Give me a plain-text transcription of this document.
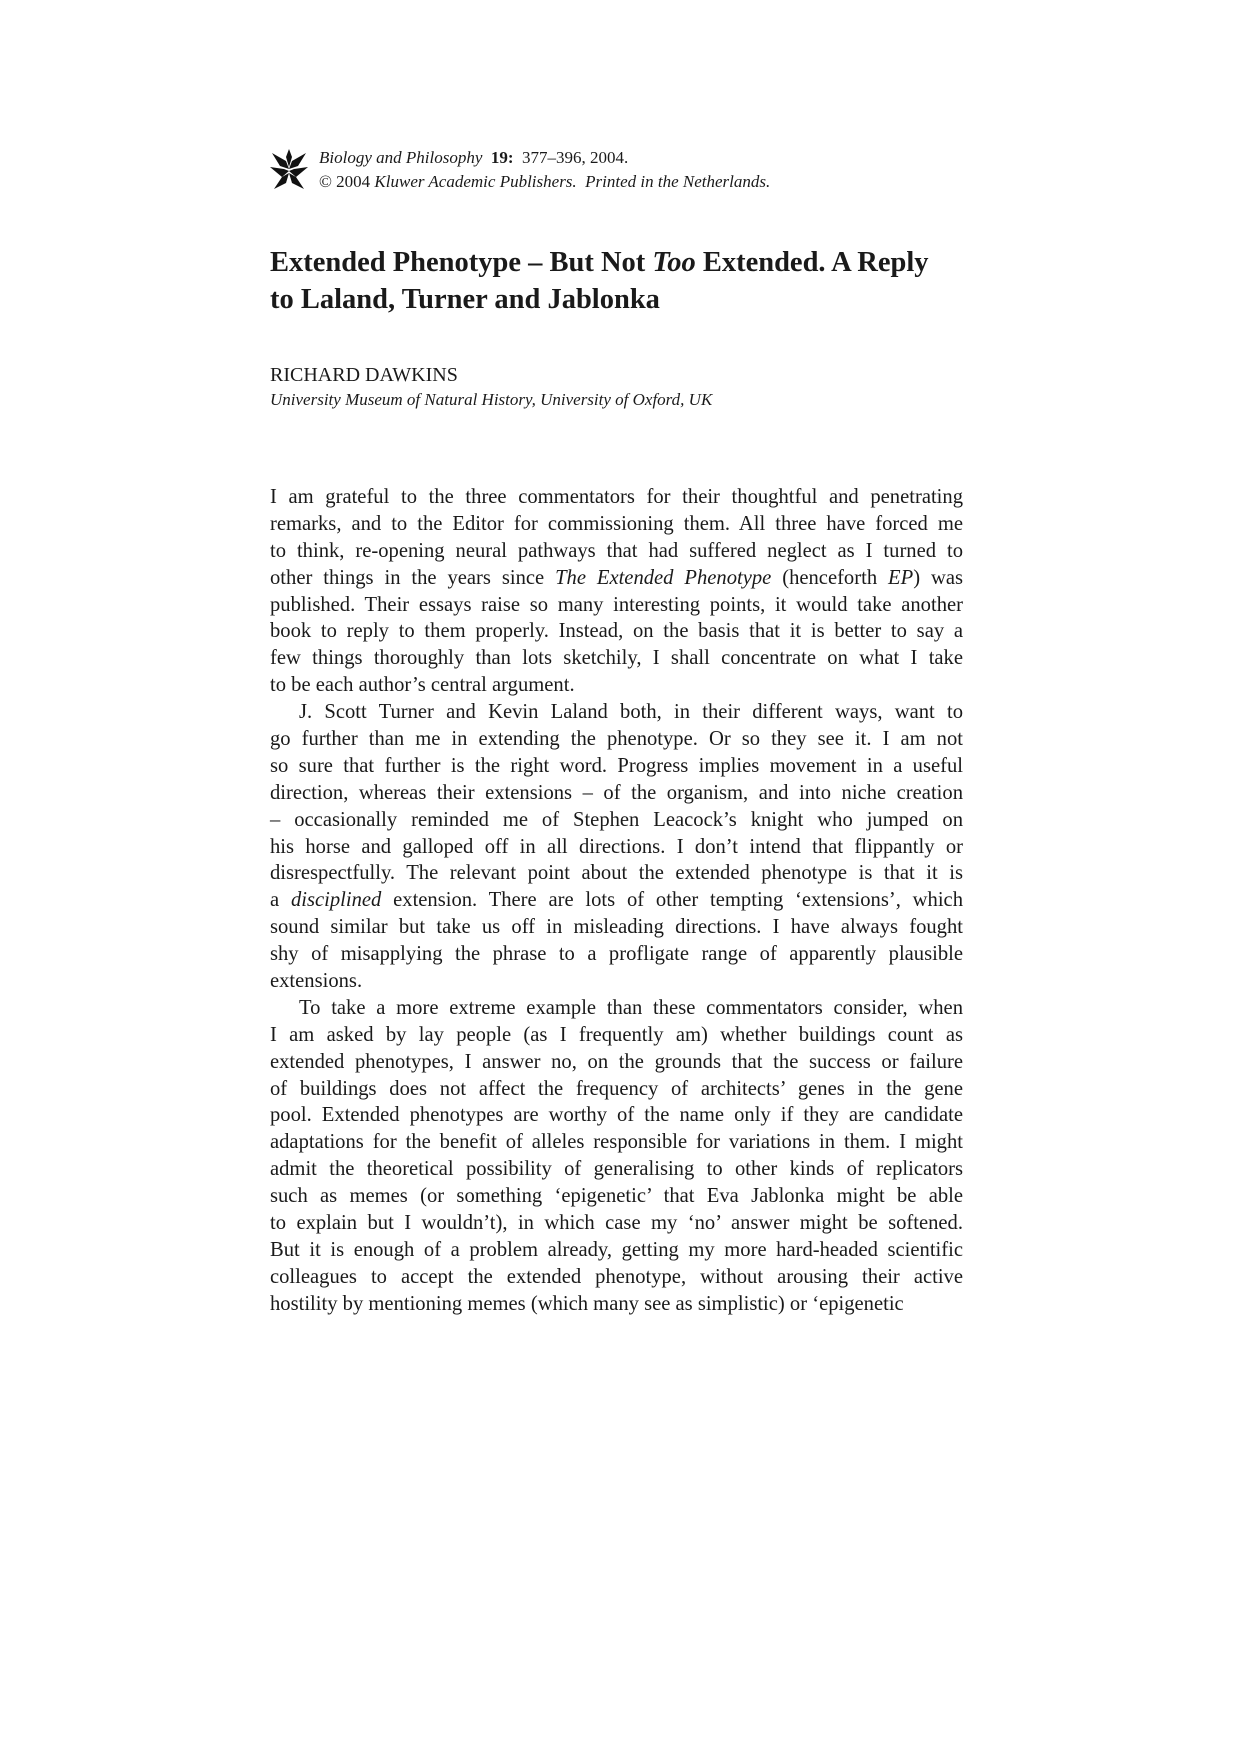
Biology and Philosophy 19: 377–396, 2004.
© 2004 Kluwer Academic Publishers. Printed in the Netherlands.
Extended Phenotype – But Not Too Extended. A Reply
to Laland, Turner and Jablonka
RICHARD DAWKINS
University Museum of Natural History, University of Oxford, UK
I am grateful to the three commentators for their thoughtful and penetrating
remarks, and to the Editor for commissioning them. All three have forced me
to think, re-opening neural pathways that had suffered neglect as I turned to
other things in the years since The Extended Phenotype (henceforth EP) was
published. Their essays raise so many interesting points, it would take another
book to reply to them properly. Instead, on the basis that it is better to say a
few things thoroughly than lots sketchily, I shall concentrate on what I take
to be each author’s central argument.
J. Scott Turner and Kevin Laland both, in their different ways, want to
go further than me in extending the phenotype. Or so they see it. I am not
so sure that further is the right word. Progress implies movement in a useful
direction, whereas their extensions – of the organism, and into niche creation
– occasionally reminded me of Stephen Leacock’s knight who jumped on
his horse and galloped off in all directions. I don’t intend that flippantly or
disrespectfully. The relevant point about the extended phenotype is that it is
a disciplined extension. There are lots of other tempting ‘extensions’, which
sound similar but take us off in misleading directions. I have always fought
shy of misapplying the phrase to a profligate range of apparently plausible
extensions.
To take a more extreme example than these commentators consider, when
I am asked by lay people (as I frequently am) whether buildings count as
extended phenotypes, I answer no, on the grounds that the success or failure
of buildings does not affect the frequency of architects’ genes in the gene
pool. Extended phenotypes are worthy of the name only if they are candidate
adaptations for the benefit of alleles responsible for variations in them. I might
admit the theoretical possibility of generalising to other kinds of replicators
such as memes (or something ‘epigenetic’ that Eva Jablonka might be able
to explain but I wouldn’t), in which case my ‘no’ answer might be softened.
But it is enough of a problem already, getting my more hard-headed scientific
colleagues to accept the extended phenotype, without arousing their active
hostility by mentioning memes (which many see as simplistic) or ‘epigenetic
